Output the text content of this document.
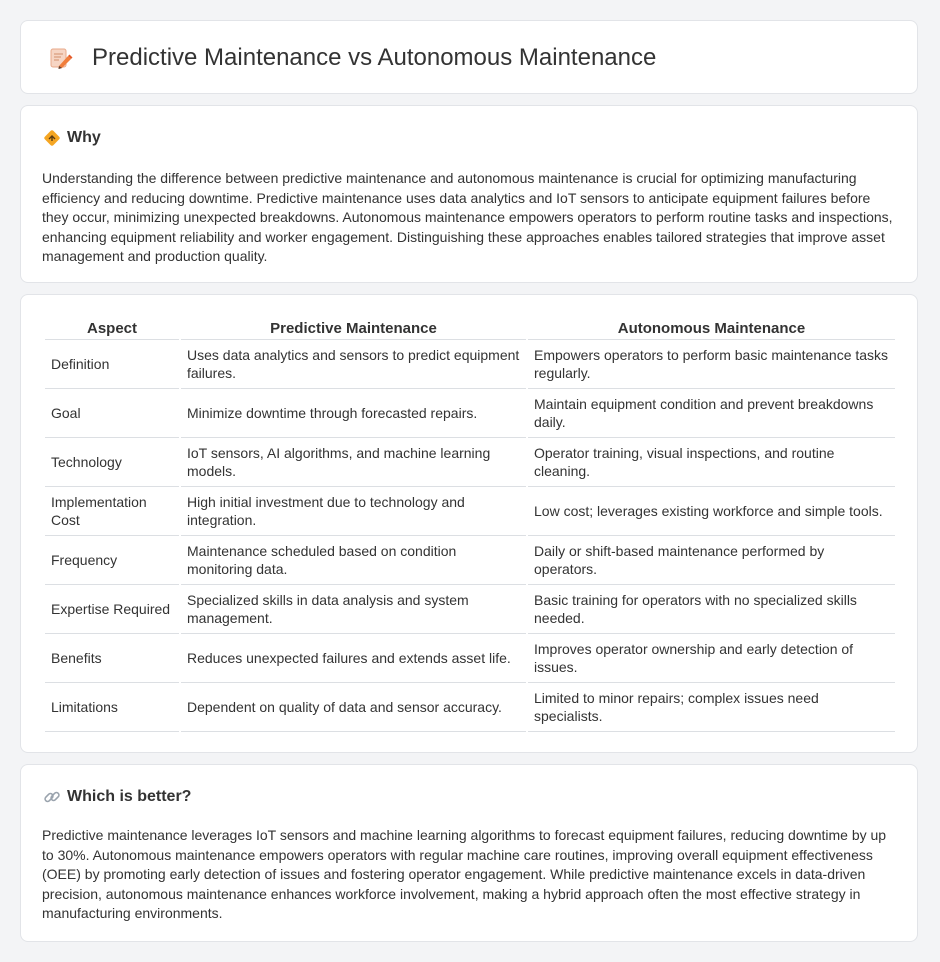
Predictive Maintenance vs Autonomous Maintenance
Why

Understanding the difference between predictive maintenance and autonomous maintenance is crucial for optimizing manufacturing efficiency and reducing downtime. Predictive maintenance uses data analytics and IoT sensors to anticipate equipment failures before they occur, minimizing unexpected breakdowns. Autonomous maintenance empowers operators to perform routine tasks and inspections, enhancing equipment reliability and worker engagement. Distinguishing these approaches enables tailored strategies that improve asset management and production quality.

Aspect	Predictive Maintenance	Autonomous Maintenance
Definition	Uses data analytics and sensors to predict equipment failures.	Empowers operators to perform basic maintenance tasks regularly.
Goal	Minimize downtime through forecasted repairs.	Maintain equipment condition and prevent breakdowns daily.
Technology	IoT sensors, AI algorithms, and machine learning models.	Operator training, visual inspections, and routine cleaning.
Implementation Cost	High initial investment due to technology and integration.	Low cost; leverages existing workforce and simple tools.
Frequency	Maintenance scheduled based on condition monitoring data.	Daily or shift-based maintenance performed by operators.
Expertise Required	Specialized skills in data analysis and system management.	Basic training for operators with no specialized skills needed.
Benefits	Reduces unexpected failures and extends asset life.	Improves operator ownership and early detection of issues.
Limitations	Dependent on quality of data and sensor accuracy.	Limited to minor repairs; complex issues need specialists.
Which is better?

Predictive maintenance leverages IoT sensors and machine learning algorithms to forecast equipment failures, reducing downtime by up to 30%. Autonomous maintenance empowers operators with regular machine care routines, improving overall equipment effectiveness (OEE) by promoting early detection of issues and fostering operator engagement. While predictive maintenance excels in data-driven precision, autonomous maintenance enhances workforce involvement, making a hybrid approach often the most effective strategy in manufacturing environments.
